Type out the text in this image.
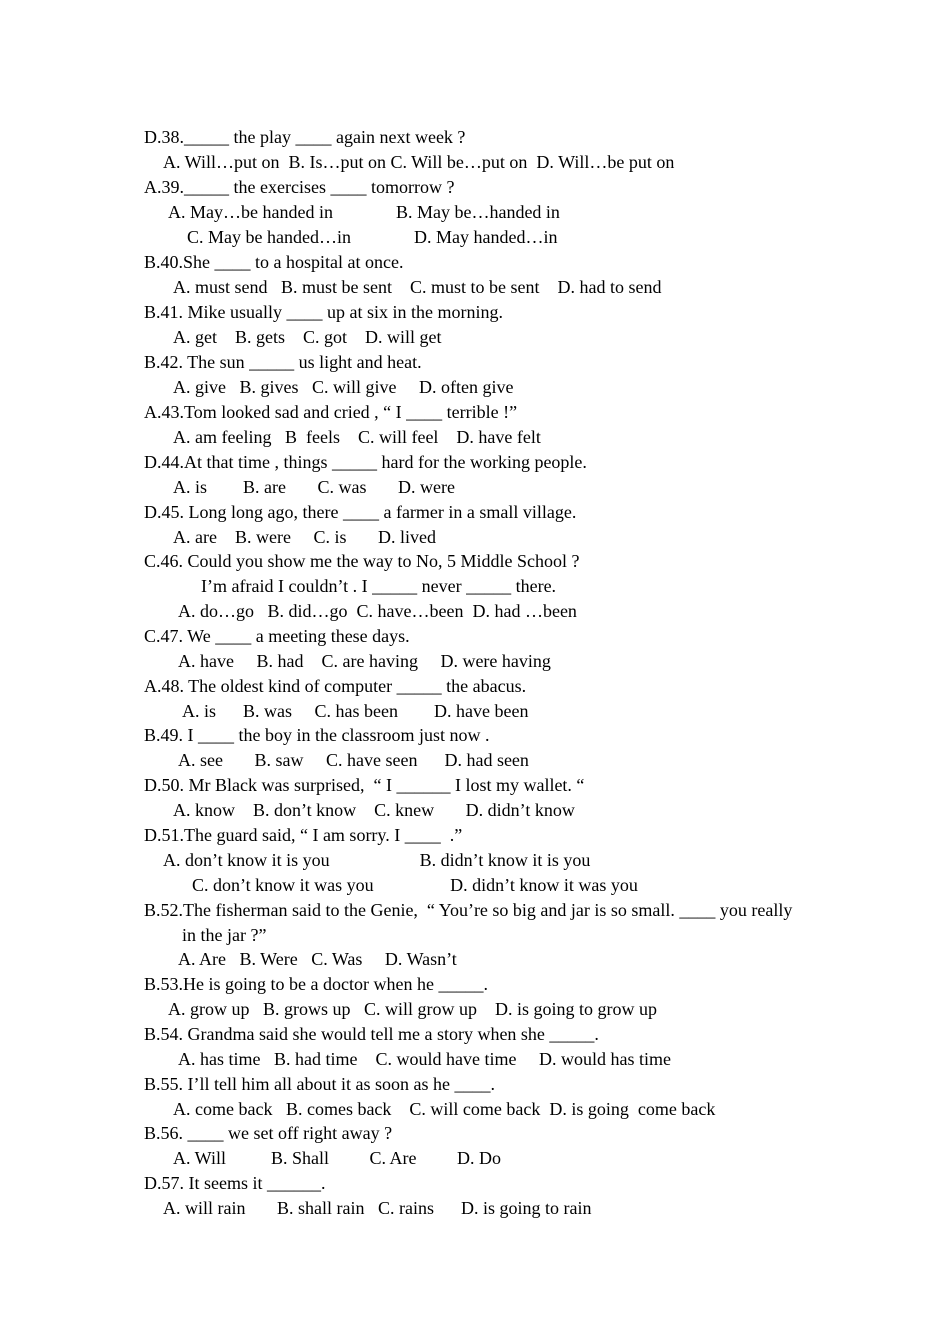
D.38._____ the play ____ again next week ?
A. Will…put on  B. Is…put on C. Will be…put on  D. Will…be put on
A.39._____ the exercises ____ tomorrow ?
A. May…be handed in              B. May be…handed in
C. May be handed…in              D. May handed…in
B.40.She ____ to a hospital at once.
A. must send   B. must be sent    C. must to be sent    D. had to send
B.41. Mike usually ____ up at six in the morning.
A. get    B. gets    C. got    D. will get
B.42. The sun _____ us light and heat.
A. give   B. gives   C. will give     D. often give
A.43.Tom looked sad and cried , “ I ____ terrible !”
A. am feeling   B  feels    C. will feel    D. have felt
D.44.At that time , things _____ hard for the working people.
A. is        B. are       C. was       D. were
D.45. Long long ago, there ____ a farmer in a small village.
A. are    B. were     C. is       D. lived
C.46. Could you show me the way to No, 5 Middle School ?
I’m afraid I couldn’t . I _____ never _____ there.
A. do…go   B. did…go  C. have…been  D. had …been
C.47. We ____ a meeting these days.
A. have     B. had    C. are having     D. were having
A.48. The oldest kind of computer _____ the abacus.
A. is      B. was     C. has been        D. have been
B.49. I ____ the boy in the classroom just now .
A. see       B. saw     C. have seen      D. had seen
D.50. Mr Black was surprised,  “ I ______ I lost my wallet. “
A. know    B. don’t know    C. knew       D. didn’t know
D.51.The guard said, “ I am sorry. I ____  .”
A. don’t know it is you                    B. didn’t know it is you
C. don’t know it was you                 D. didn’t know it was you
B.52.The fisherman said to the Genie,  “ You’re so big and jar is so small. ____ you really
in the jar ?”
A. Are   B. Were   C. Was     D. Wasn’t
B.53.He is going to be a doctor when he _____.
A. grow up   B. grows up   C. will grow up    D. is going to grow up
B.54. Grandma said she would tell me a story when she _____.
A. has time   B. had time    C. would have time     D. would has time
B.55. I’ll tell him all about it as soon as he ____.
A. come back   B. comes back    C. will come back  D. is going  come back
B.56. ____ we set off right away ?
A. Will          B. Shall         C. Are         D. Do
D.57. It seems it ______.
A. will rain       B. shall rain   C. rains      D. is going to rain
